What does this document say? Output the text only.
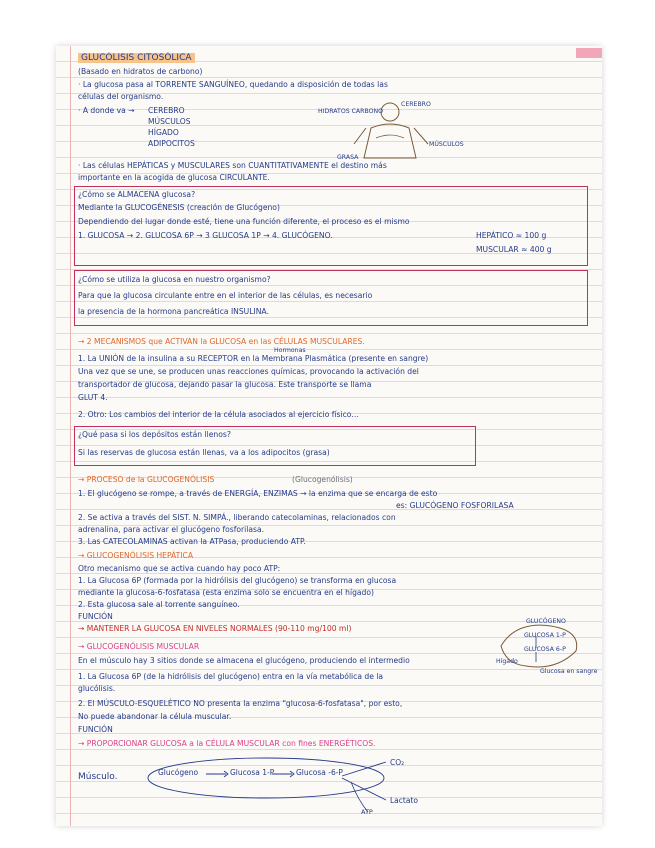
GLUCÓLISIS CITOSÓLICA
(Basado en hidratos de carbono)
· La glucosa pasa al TORRENTE SANGUÍNEO, quedando a disposición de todas las
células del organismo.
· A donde va →	CEREBRO
MÚSCULOS
HÍGADO
ADIPOCITOS
HIDRATOS CARBONO
CEREBRO
MÚSCULOS
GRASA
· Las células HEPÁTICAS y MUSCULARES son CUANTITATIVAMENTE el destino más
importante en la acogida de glucosa CIRCULANTE.
¿Cómo se ALMACENA glucosa?
Mediante la GLUCOGÉNESIS (creación de Glucógeno)
Dependiendo del lugar donde esté, tiene una función diferente, el proceso es el mismo
1. GLUCOSA → 2. GLUCOSA 6P → 3 GLUCOSA 1P → 4. GLUCÓGENO.	HEPÁTICO ≈ 100 g
MUSCULAR ≈ 400 g
¿Cómo se utiliza la glucosa en nuestro organismo?
Para que la glucosa circulante entre en el interior de las células, es necesario
la presencia de la hormona pancreática INSULINA.
→ 2 MECANISMOS que ACTIVAN la GLUCOSA en las CÉLULAS MUSCULARES.
Hormonas
1. La UNIÓN de la insulina a su RECEPTOR en la Membrana Plasmática (presente en sangre)
Una vez que se une, se producen unas reacciones químicas, provocando la activación del
transportador de glucosa, dejando pasar la glucosa. Este transporte se llama
GLUT 4.
2. Otro: Los cambios del interior de la célula asociados al ejercicio físico…
¿Qué pasa si los depósitos están llenos?
Si las reservas de glucosa están llenas, va a los adipocitos (grasa)
→ PROCESO de la GLUCOGENÓLISIS	(Glucogenólisis)
1. El glucógeno se rompe, a través de ENERGÍA, ENZIMAS → la enzima que se encarga de esto
es: GLUCÓGENO FOSFORILASA
2. Se activa a través del SIST. N. SIMPÁ., liberando catecolaminas, relacionados con
adrenalina, para activar el glucógeno fosforilasa.
3. Las CATECOLAMINAS activan la ATPasa, produciendo ATP.
→ GLUCOGENÓLISIS HEPÁTICA
Otro mecanismo que se activa cuando hay poco ATP:
1. La Glucosa 6P (formada por la hidrólisis del glucógeno) se transforma en glucosa
mediante la glucosa-6-fosfatasa (esta enzima solo se encuentra en el hígado)
2. Esta glucosa sale al torrente sanguíneo.
FUNCIÓN
→ MANTENER LA GLUCOSA EN NIVELES NORMALES (90-110 mg/100 ml)
GLUCÓGENO
GLUCOSA 1-P
GLUCOSA 6-P
Hígado
Glucosa en sangre
→ GLUCOGENÓLISIS MUSCULAR
En el músculo hay 3 sitios donde se almacena el glucógeno, produciendo el intermedio
1. La Glucosa 6P (de la hidrólisis del glucógeno) entra en la vía metabólica de la
glucólisis.
2. El MÚSCULO-ESQUELÉTICO NO presenta la enzima "glucosa-6-fosfatasa", por esto,
No puede abandonar la célula muscular.
FUNCIÓN
→ PROPORCIONAR GLUCOSA a la CÉLULA MUSCULAR con fines ENERGÉTICOS.
Músculo.	Glucógeno	Glucosa 1-P	Glucosa -6-P
CO₂
Lactato
ATP
